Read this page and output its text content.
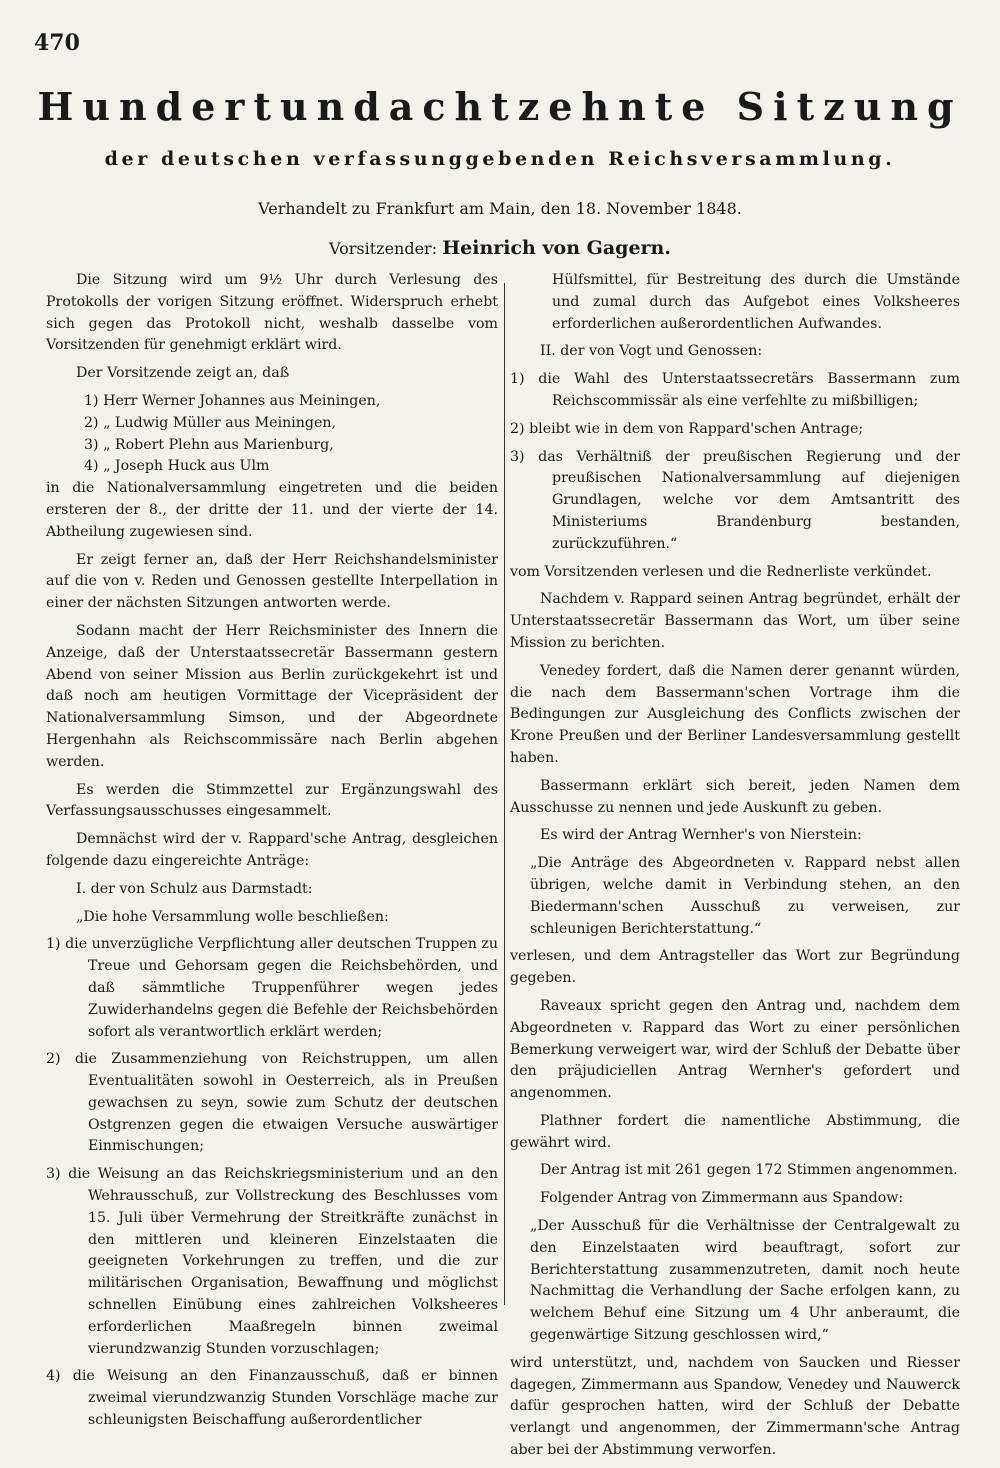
470
Hundertundachtzehnte Sitzung
der deutschen verfassunggebenden Reichsversammlung.
Verhandelt zu Frankfurt am Main, den 18. November 1848.
Vorsitzender: Heinrich von Gagern.

Die Sitzung wird um 9½ Uhr durch Verlesung des Protokolls der vorigen Sitzung eröffnet. Widerspruch erhebt sich gegen das Protokoll nicht, weshalb dasselbe vom Vorsitzenden für genehmigt erklärt wird.

Der Vorsitzende zeigt an, daß

1) Herr Werner Johannes aus Meiningen,
2) „ Ludwig Müller aus Meiningen,
3) „ Robert Plehn aus Marienburg,
4) „ Joseph Huck aus Ulm

in die Nationalversammlung eingetreten und die beiden ersteren der 8., der dritte der 11. und der vierte der 14. Abtheilung zugewiesen sind.

Er zeigt ferner an, daß der Herr Reichshandelsminister auf die von v. Reden und Genossen gestellte Interpellation in einer der nächsten Sitzungen antworten werde.

Sodann macht der Herr Reichsminister des Innern die Anzeige, daß der Unterstaatssecretär Bassermann gestern Abend von seiner Mission aus Berlin zurückgekehrt ist und daß noch am heutigen Vormittage der Vicepräsident der Nationalversammlung Simson, und der Abgeordnete Hergenhahn als Reichscommissäre nach Berlin abgehen werden.

Es werden die Stimmzettel zur Ergänzungswahl des Verfassungsausschusses eingesammelt.

Demnächst wird der v. Rappard'sche Antrag, desgleichen folgende dazu eingereichte Anträge:

I. der von Schulz aus Darmstadt:

„Die hohe Versammlung wolle beschließen:

1) die unverzügliche Verpflichtung aller deutschen Truppen zu Treue und Gehorsam gegen die Reichsbehörden, und daß sämmtliche Truppenführer wegen jedes Zuwiderhandelns gegen die Befehle der Reichsbehörden sofort als verantwortlich erklärt werden;

2) die Zusammenziehung von Reichstruppen, um allen Eventualitäten sowohl in Oesterreich, als in Preußen gewachsen zu seyn, sowie zum Schutz der deutschen Ostgrenzen gegen die etwaigen Versuche auswärtiger Einmischungen;

3) die Weisung an das Reichskriegsministerium und an den Wehrausschuß, zur Vollstreckung des Beschlusses vom 15. Juli über Vermehrung der Streitkräfte zunächst in den mittleren und kleineren Einzelstaaten die geeigneten Vorkehrungen zu treffen, und die zur militärischen Organisation, Bewaffnung und möglichst schnellen Einübung eines zahlreichen Volksheeres erforderlichen Maaßregeln binnen zweimal vierundzwanzig Stunden vorzuschlagen;

4) die Weisung an den Finanzausschuß, daß er binnen zweimal vierundzwanzig Stunden Vorschläge mache zur schleunigsten Beischaffung außerordentlicher

Hülfsmittel, für Bestreitung des durch die Umstände und zumal durch das Aufgebot eines Volksheeres erforderlichen außerordentlichen Aufwandes.

II. der von Vogt und Genossen:

1) die Wahl des Unterstaatssecretärs Bassermann zum Reichscommissär als eine verfehlte zu mißbilligen;

2) bleibt wie in dem von Rappard'schen Antrage;

3) das Verhältniß der preußischen Regierung und der preußischen Nationalversammlung auf diejenigen Grundlagen, welche vor dem Amtsantritt des Ministeriums Brandenburg bestanden, zurückzuführen.“

vom Vorsitzenden verlesen und die Rednerliste verkündet.

Nachdem v. Rappard seinen Antrag begründet, erhält der Unterstaatssecretär Bassermann das Wort, um über seine Mission zu berichten.

Venedey fordert, daß die Namen derer genannt würden, die nach dem Bassermann'schen Vortrage ihm die Bedingungen zur Ausgleichung des Conflicts zwischen der Krone Preußen und der Berliner Landesversammlung gestellt haben.

Bassermann erklärt sich bereit, jeden Namen dem Ausschusse zu nennen und jede Auskunft zu geben.

Es wird der Antrag Wernher's von Nierstein:

„Die Anträge des Abgeordneten v. Rappard nebst allen übrigen, welche damit in Verbindung stehen, an den Biedermann'schen Ausschuß zu verweisen, zur schleunigen Berichterstattung.“

verlesen, und dem Antragsteller das Wort zur Begründung gegeben.

Raveaux spricht gegen den Antrag und, nachdem dem Abgeordneten v. Rappard das Wort zu einer persönlichen Bemerkung verweigert war, wird der Schluß der Debatte über den präjudiciellen Antrag Wernher's gefordert und angenommen.

Plathner fordert die namentliche Abstimmung, die gewährt wird.

Der Antrag ist mit 261 gegen 172 Stimmen angenommen.

Folgender Antrag von Zimmermann aus Spandow:

„Der Ausschuß für die Verhältnisse der Centralgewalt zu den Einzelstaaten wird beauftragt, sofort zur Berichterstattung zusammenzutreten, damit noch heute Nachmittag die Verhandlung der Sache erfolgen kann, zu welchem Behuf eine Sitzung um 4 Uhr anberaumt, die gegenwärtige Sitzung geschlossen wird,“

wird unterstützt, und, nachdem von Saucken und Riesser dagegen, Zimmermann aus Spandow, Venedey und Nauwerck dafür gesprochen hatten, wird der Schluß der Debatte verlangt und angenommen, der Zimmermann'sche Antrag aber bei der Abstimmung verworfen.
